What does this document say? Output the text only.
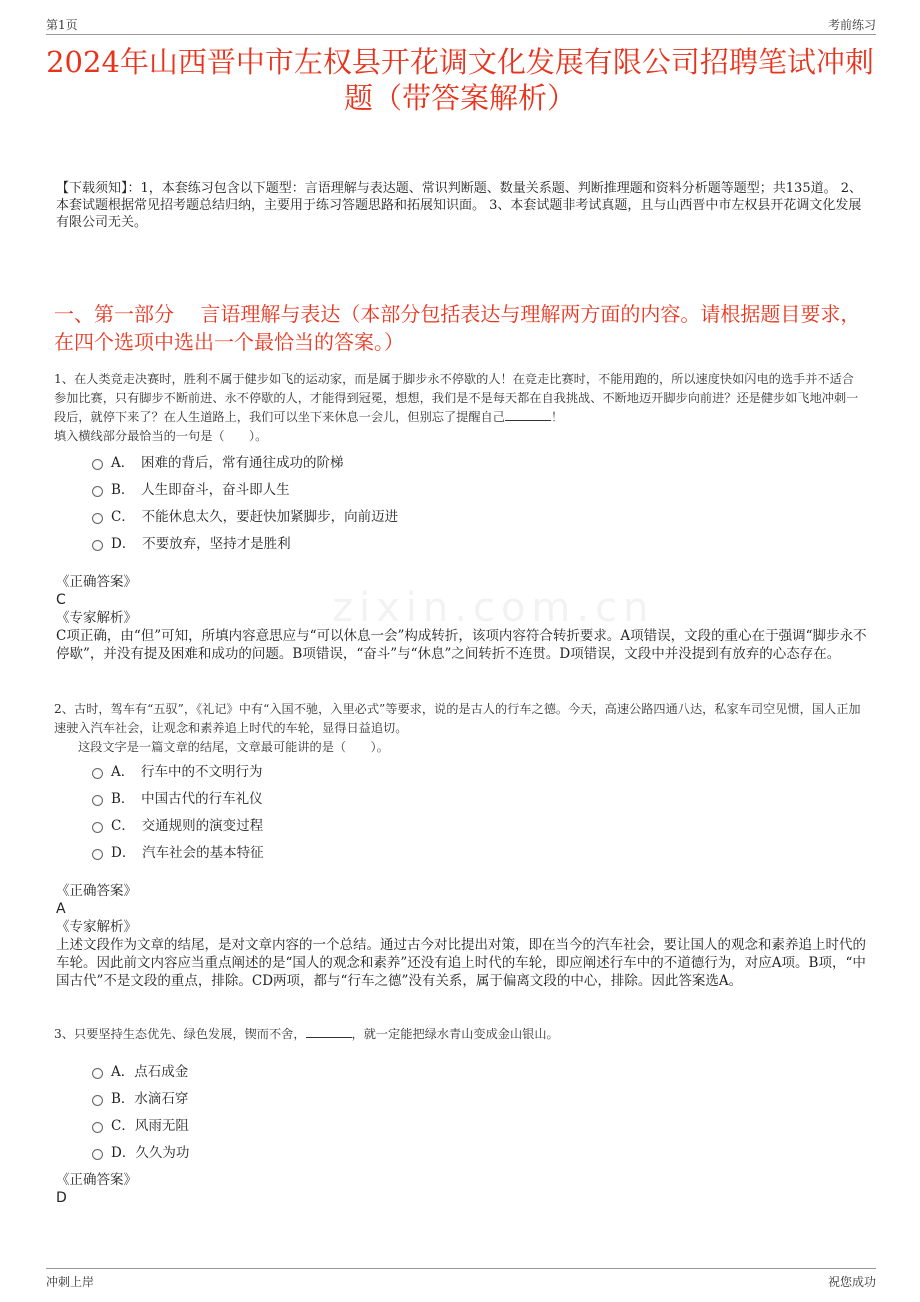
第1页	考前练习
2024年山西晋中市左权县开花调文化发展有限公司招聘笔试冲刺题（带答案解析）
【下载须知】：1，本套练习包含以下题型：言语理解与表达题、常识判断题、数量关系题、判断推理题和资料分析题等题型；共135道。 2、本套试题根据常见招考题总结归纳，主要用于练习答题思路和拓展知识面。 3、本套试题非考试真题，且与山西晋中市左权县开花调文化发展有限公司无关。
一、第一部分　 言语理解与表达（本部分包括表达与理解两方面的内容。请根据题目要求，在四个选项中选出一个最恰当的答案。）
zixin.com.cn

1、在人类竞走决赛时，胜利不属于健步如飞的运动家，而是属于脚步永不停歇的人！在竞走比赛时，不能用跑的，所以速度快如闪电的选手并不适合参加比赛，只有脚步不断前进、永不停歇的人，才能得到冠冕，想想，我们是不是每天都在自我挑战、不断地迈开脚步向前进？还是健步如飞地冲刺一段后，就停下来了？在人生道路上，我们可以坐下来休息一会儿，但别忘了提醒自己	！

填入横线部分最恰当的一句是（　　）。

A．　困难的背后，常有通往成功的阶梯
B．　人生即奋斗，奋斗即人生
C．　不能休息太久，要赶快加紧脚步，向前迈进
D．　不要放弃，坚持才是胜利

《正确答案》

C

《专家解析》

C项正确，由“但”可知，所填内容意思应与“可以休息一会”构成转折，该项内容符合转折要求。A项错误，文段的重心在于强调“脚步永不停歇”，并没有提及困难和成功的问题。B项错误，“奋斗”与“休息”之间转折不连贯。D项错误，文段中并没提到有放弃的心态存在。

2、古时，驾车有“五驭”，《礼记》中有“入国不驰，入里必式”等要求，说的是古人的行车之德。今天，高速公路四通八达，私家车司空见惯，国人正加速驶入汽车社会，让观念和素养追上时代的车轮，显得日益追切。

这段文字是一篇文章的结尾，文章最可能讲的是（　　）。

A．　行车中的不文明行为
B．　中国古代的行车礼仪
C．　交通规则的演变过程
D．　汽车社会的基本特征

《正确答案》

A

《专家解析》

上述文段作为文章的结尾，是对文章内容的一个总结。通过古今对比提出对策，即在当今的汽车社会，要让国人的观念和素养追上时代的车轮。因此前文内容应当重点阐述的是“国人的观念和素养”还没有追上时代的车轮，即应阐述行车中的不道德行为，对应A项。B项，“中国古代”不是文段的重点，排除。CD两项，都与“行车之德”没有关系，属于偏离文段的中心，排除。因此答案选A。

3、只要坚持生态优先、绿色发展，锲而不舍，	，就一定能把绿水青山变成金山银山。

A．点石成金
B．水滴石穿
C．风雨无阻
D．久久为功

《正确答案》

D

冲刺上岸	祝您成功
